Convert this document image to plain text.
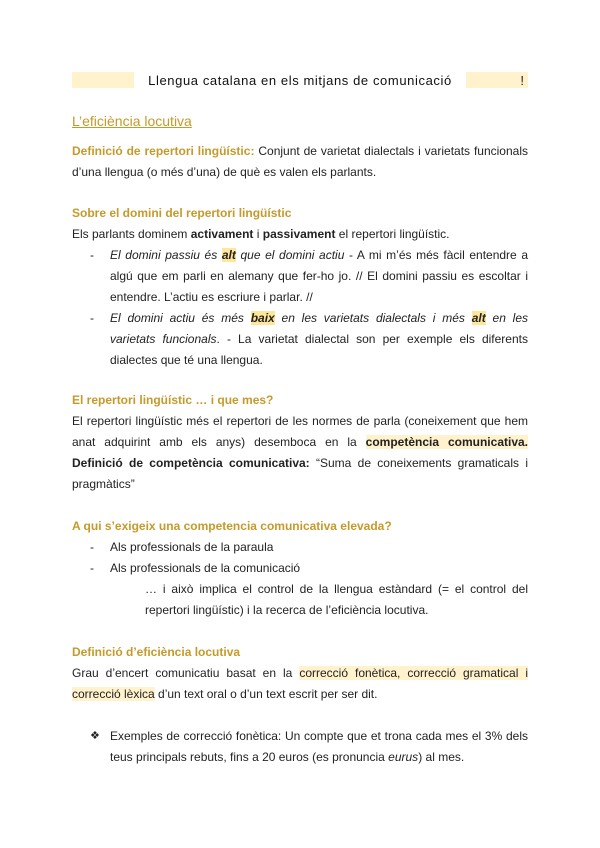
Llengua catalana en els mitjans de comunicació	!
L’eficiència locutiva
Definició de repertori lingüístic: Conjunt de varietat dialectals i varietats funcionals d’una llengua (o més d’una) de què es valen els parlants.
Sobre el domini del repertori lingüístic
Els parlants dominem activament i passivament el repertori lingüístic.
- El domini passiu és alt que el domini actiu - A mi m’és més fàcil entendre a algú que em parli en alemany que fer-ho jo. // El domini passiu es escoltar i entendre. L’actiu es escriure i parlar. //
- El domini actiu és més baix en les varietats dialectals i més alt en les varietats funcionals. - La varietat dialectal son per exemple els diferents dialectes que té una llengua.
El repertori lingüístic … i que mes?
El repertori lingüístic més el repertori de les normes de parla (coneixement que hem anat adquirint amb els anys) desemboca en la competència comunicativa. Definició de competència comunicativa: “Suma de coneixements gramaticals i pragmàtics”
A qui s’exigeix una competencia comunicativa elevada?
- Als professionals de la paraula
- Als professionals de la comunicació
… i això implica el control de la llengua estàndard (= el control del repertori lingüístic) i la recerca de l’eficiència locutiva.
Definició d’eficiència locutiva
Grau d’encert comunicatiu basat en la correcció fonètica, correcció gramatical i correcció lèxica d’un text oral o d’un text escrit per ser dit.
❖ Exemples de correcció fonètica: Un compte que et trona cada mes el 3% dels teus principals rebuts, fins a 20 euros (es pronuncia eurus) al mes.
